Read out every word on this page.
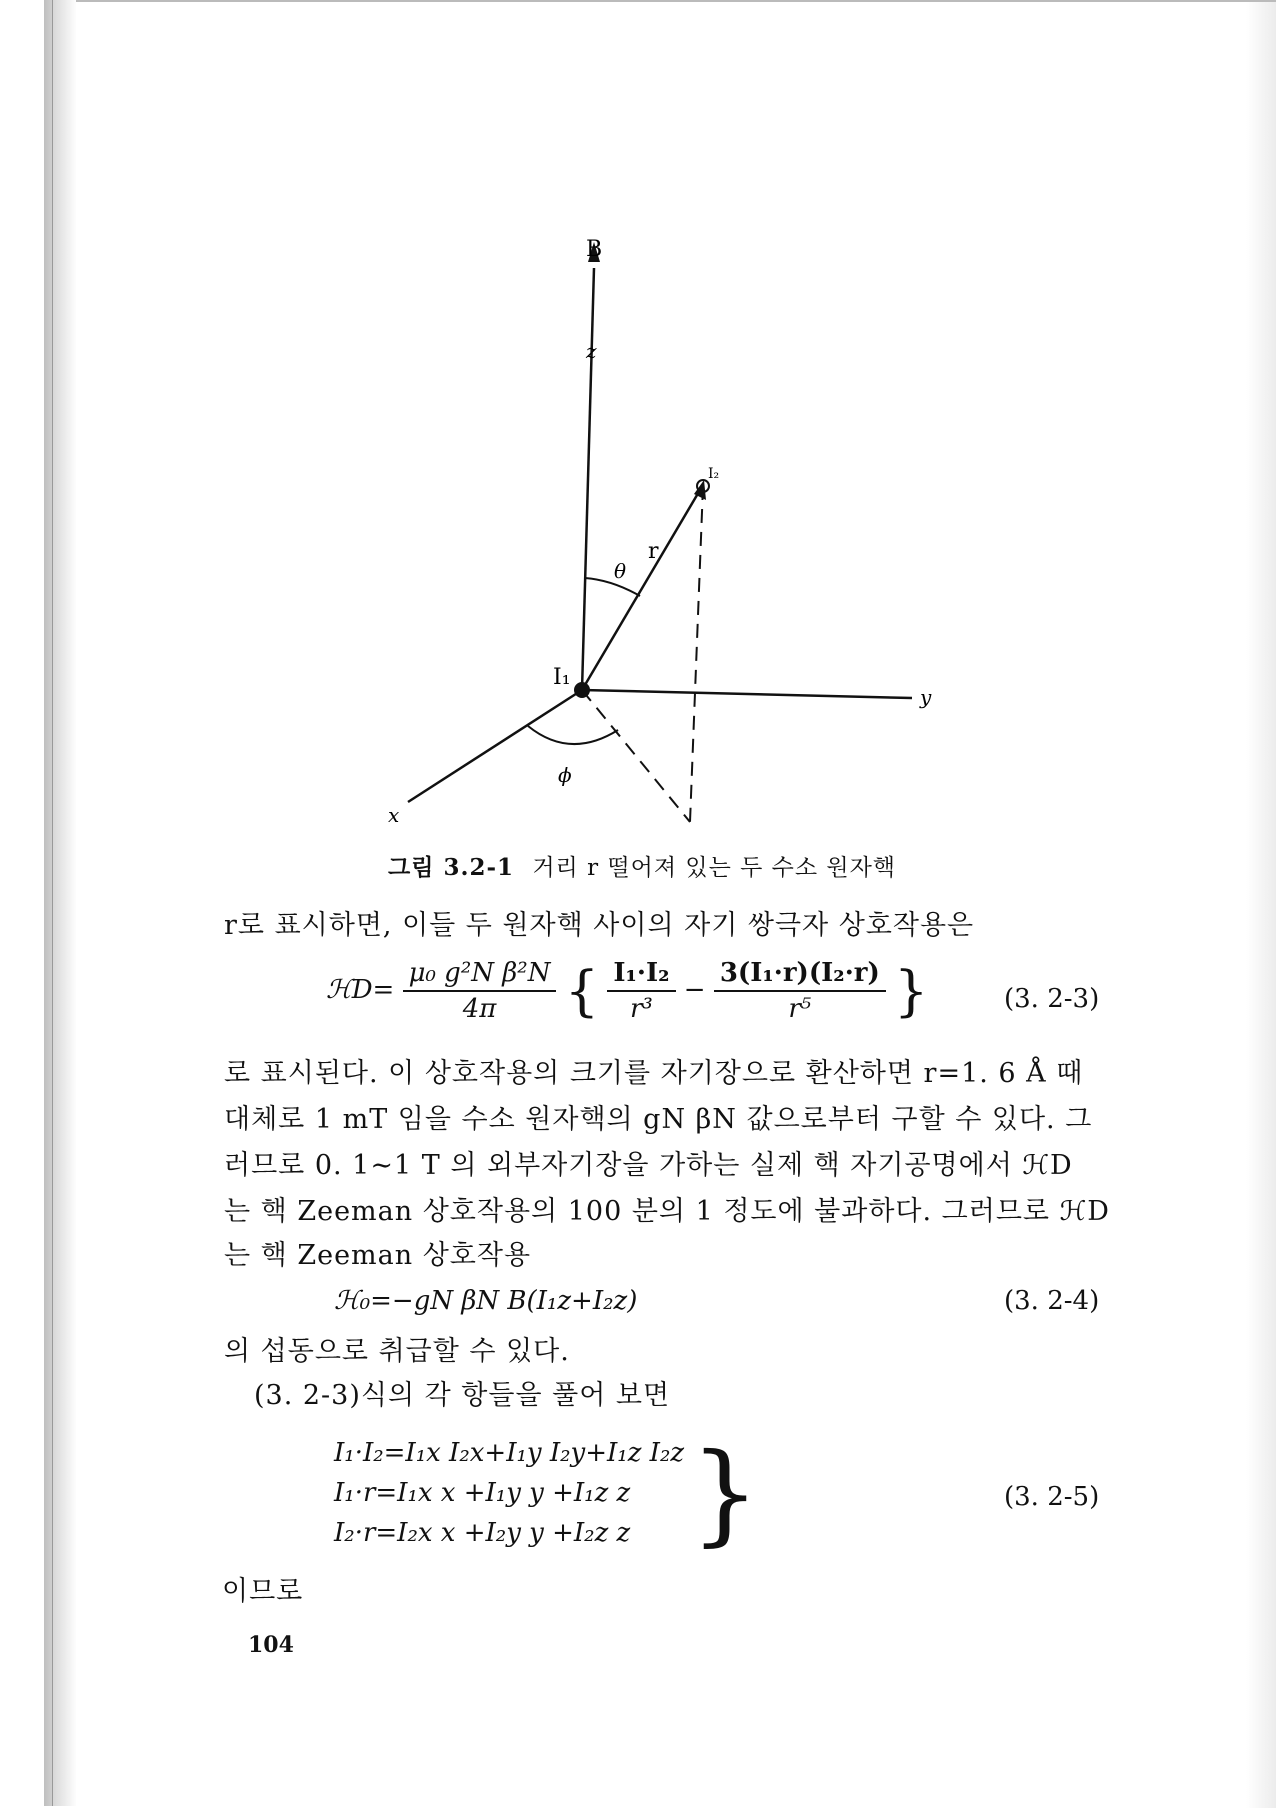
B
z
y
x
I₁
I₂
r
θ
ϕ
그림 3.2-1 거리 r 떨어져 있는 두 수소 원자핵
r로 표시하면, 이들 두 원자핵 사이의 자기 쌍극자 상호작용은
ℋD= $\frac{\text{μ₀ g²N β²N}}{4\pi}$ { $\frac{\text{I₁·I₂}}{\text{r³}} - \frac{\text{3(I₁·r)(I₂·r)}}{\text{r⁵}}$ }	(3. 2-3)
로 표시된다. 이 상호작용의 크기를 자기장으로 환산하면 r=1. 6 Å 때
대체로 1 mT 임을 수소 원자핵의 gN βN 값으로부터 구할 수 있다. 그
러므로 0. 1∼1 T 의 외부자기장을 가하는 실제 핵 자기공명에서 ℋD
는 핵 Zeeman 상호작용의 100 분의 1 정도에 불과하다. 그러므로 ℋD
는 핵 Zeeman 상호작용
ℋ₀=−gN βN B(I₁z+I₂z)	(3. 2-4)
의 섭동으로 취급할 수 있다.
(3. 2-3)식의 각 항들을 풀어 보면
I₁·I₂=I₁x I₂x+I₁y I₂y+I₁z I₂z
I₁·r=I₁x x +I₁y y +I₁z z
I₂·r=I₂x x +I₂y y +I₂z z }	(3. 2-5)
이므로
104
